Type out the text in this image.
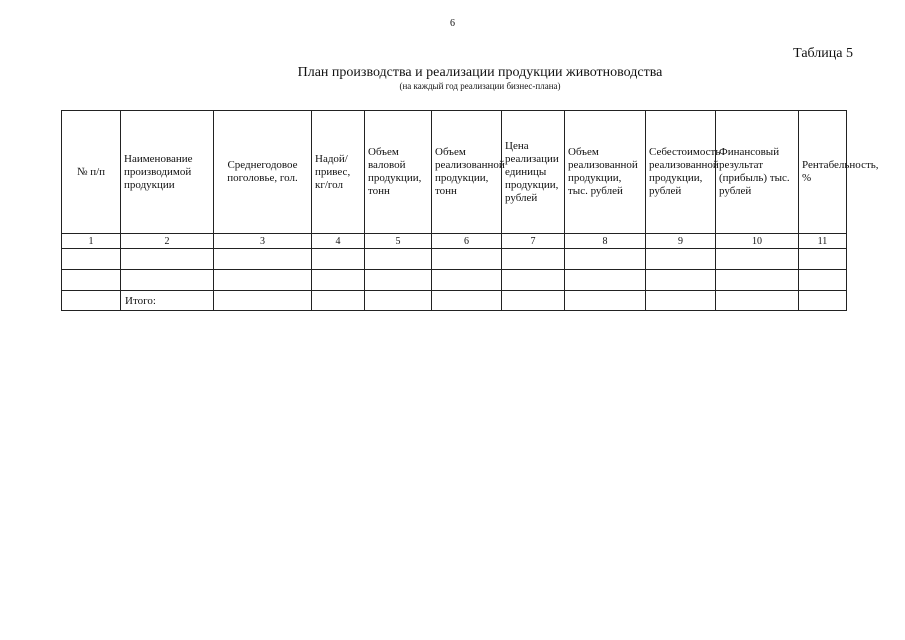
6
Таблица 5
План производства и реализации продукции животноводства
(на каждый год реализации бизнес-плана)
№ п/п	Наименование производимой продукции	Среднегодовое поголовье, гол.	Надой/ привес, кг/гол	Объем валовой продукции, тонн	Объем реализованной продукции, тонн	Цена реализации единицы продукции, рублей	Объем реализованной продукции, тыс. рублей	Себестоимость реализованной продукции, рублей	Финансовый результат (прибыль) тыс. рублей	Рентабельность, %
1	2	3	4	5	6	7	8	9	10	11

	Итого:									
